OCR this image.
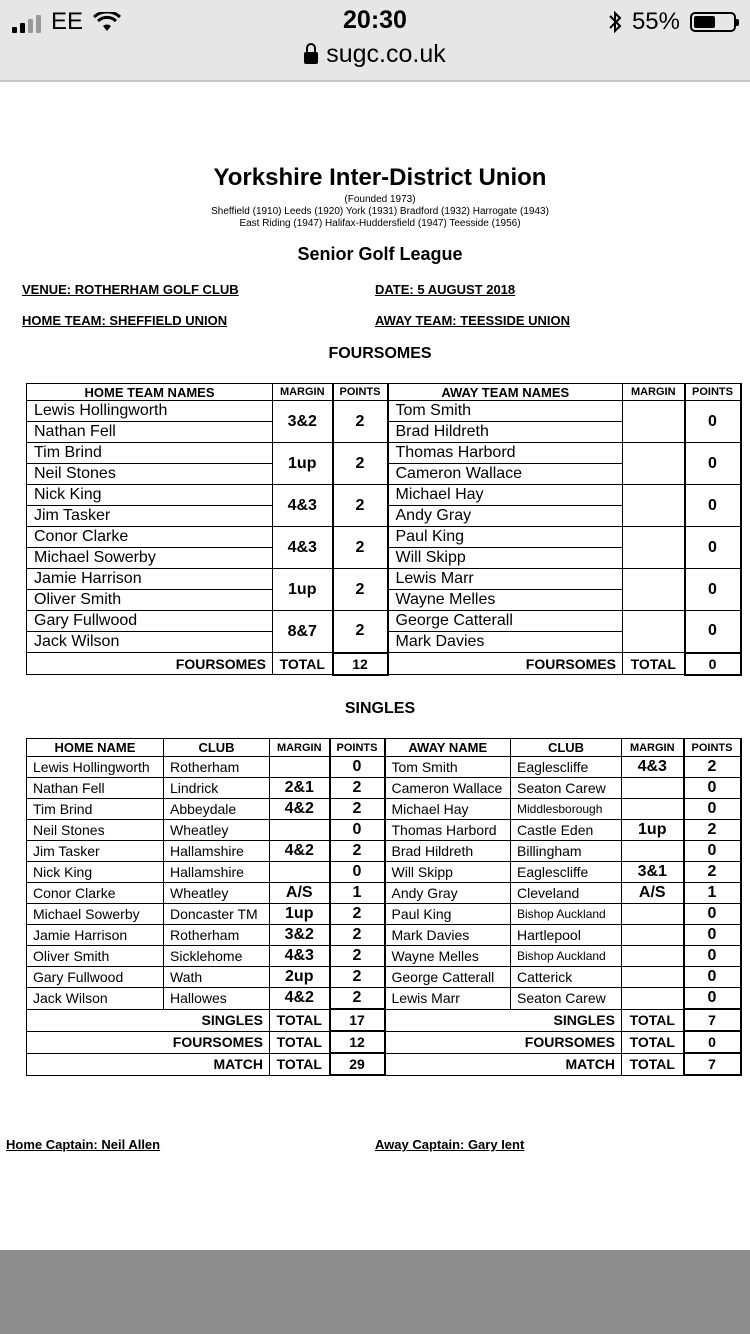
EE	20:30	55%
sugc.co.uk
Yorkshire Inter-District Union
(Founded 1973)
Sheffield (1910) Leeds (1920) York (1931) Bradford (1932) Harrogate (1943)
East Riding (1947) Halifax-Huddersfield (1947) Teesside (1956)
Senior Golf League
VENUE: ROTHERHAM GOLF CLUB	DATE: 5 AUGUST 2018
HOME TEAM: SHEFFIELD UNION	AWAY TEAM: TEESSIDE UNION
FOURSOMES
HOME TEAM NAMES	MARGIN	POINTS	AWAY TEAM NAMES	MARGIN	POINTS
Lewis Hollingworth	3&2	2	Tom Smith		0
Nathan Fell			Brad Hildreth		
Tim Brind	1up	2	Thomas Harbord		0
Neil Stones			Cameron Wallace		
Nick King	4&3	2	Michael Hay		0
Jim Tasker			Andy Gray		
Conor Clarke	4&3	2	Paul King		0
Michael Sowerby			Will Skipp		
Jamie Harrison	1up	2	Lewis Marr		0
Oliver Smith			Wayne Melles		
Gary Fullwood	8&7	2	George Catterall		0
Jack Wilson			Mark Davies		
FOURSOMES	TOTAL	12	FOURSOMES	TOTAL	0
SINGLES
HOME NAME	CLUB	MARGIN	POINTS	AWAY NAME	CLUB	MARGIN	POINTS
Lewis Hollingworth	Rotherham		0	Tom Smith	Eaglescliffe	4&3	2
Nathan Fell	Lindrick	2&1	2	Cameron Wallace	Seaton Carew		0
Tim Brind	Abbeydale	4&2	2	Michael Hay	Middlesborough		0
Neil Stones	Wheatley		0	Thomas Harbord	Castle Eden	1up	2
Jim Tasker	Hallamshire	4&2	2	Brad Hildreth	Billingham		0
Nick King	Hallamshire		0	Will Skipp	Eaglescliffe	3&1	2
Conor Clarke	Wheatley	A/S	1	Andy Gray	Cleveland	A/S	1
Michael Sowerby	Doncaster TM	1up	2	Paul King	Bishop Auckland		0
Jamie Harrison	Rotherham	3&2	2	Mark Davies	Hartlepool		0
Oliver Smith	Sicklehome	4&3	2	Wayne Melles	Bishop Auckland		0
Gary Fullwood	Wath	2up	2	George Catterall	Catterick		0
Jack Wilson	Hallowes	4&2	2	Lewis Marr	Seaton Carew		0
SINGLES		TOTAL	17	SINGLES		TOTAL	7
FOURSOMES		TOTAL	12	FOURSOMES		TOTAL	0
MATCH		TOTAL	29	MATCH		TOTAL	7
Home Captain: Neil Allen	Away Captain: Gary Ient
